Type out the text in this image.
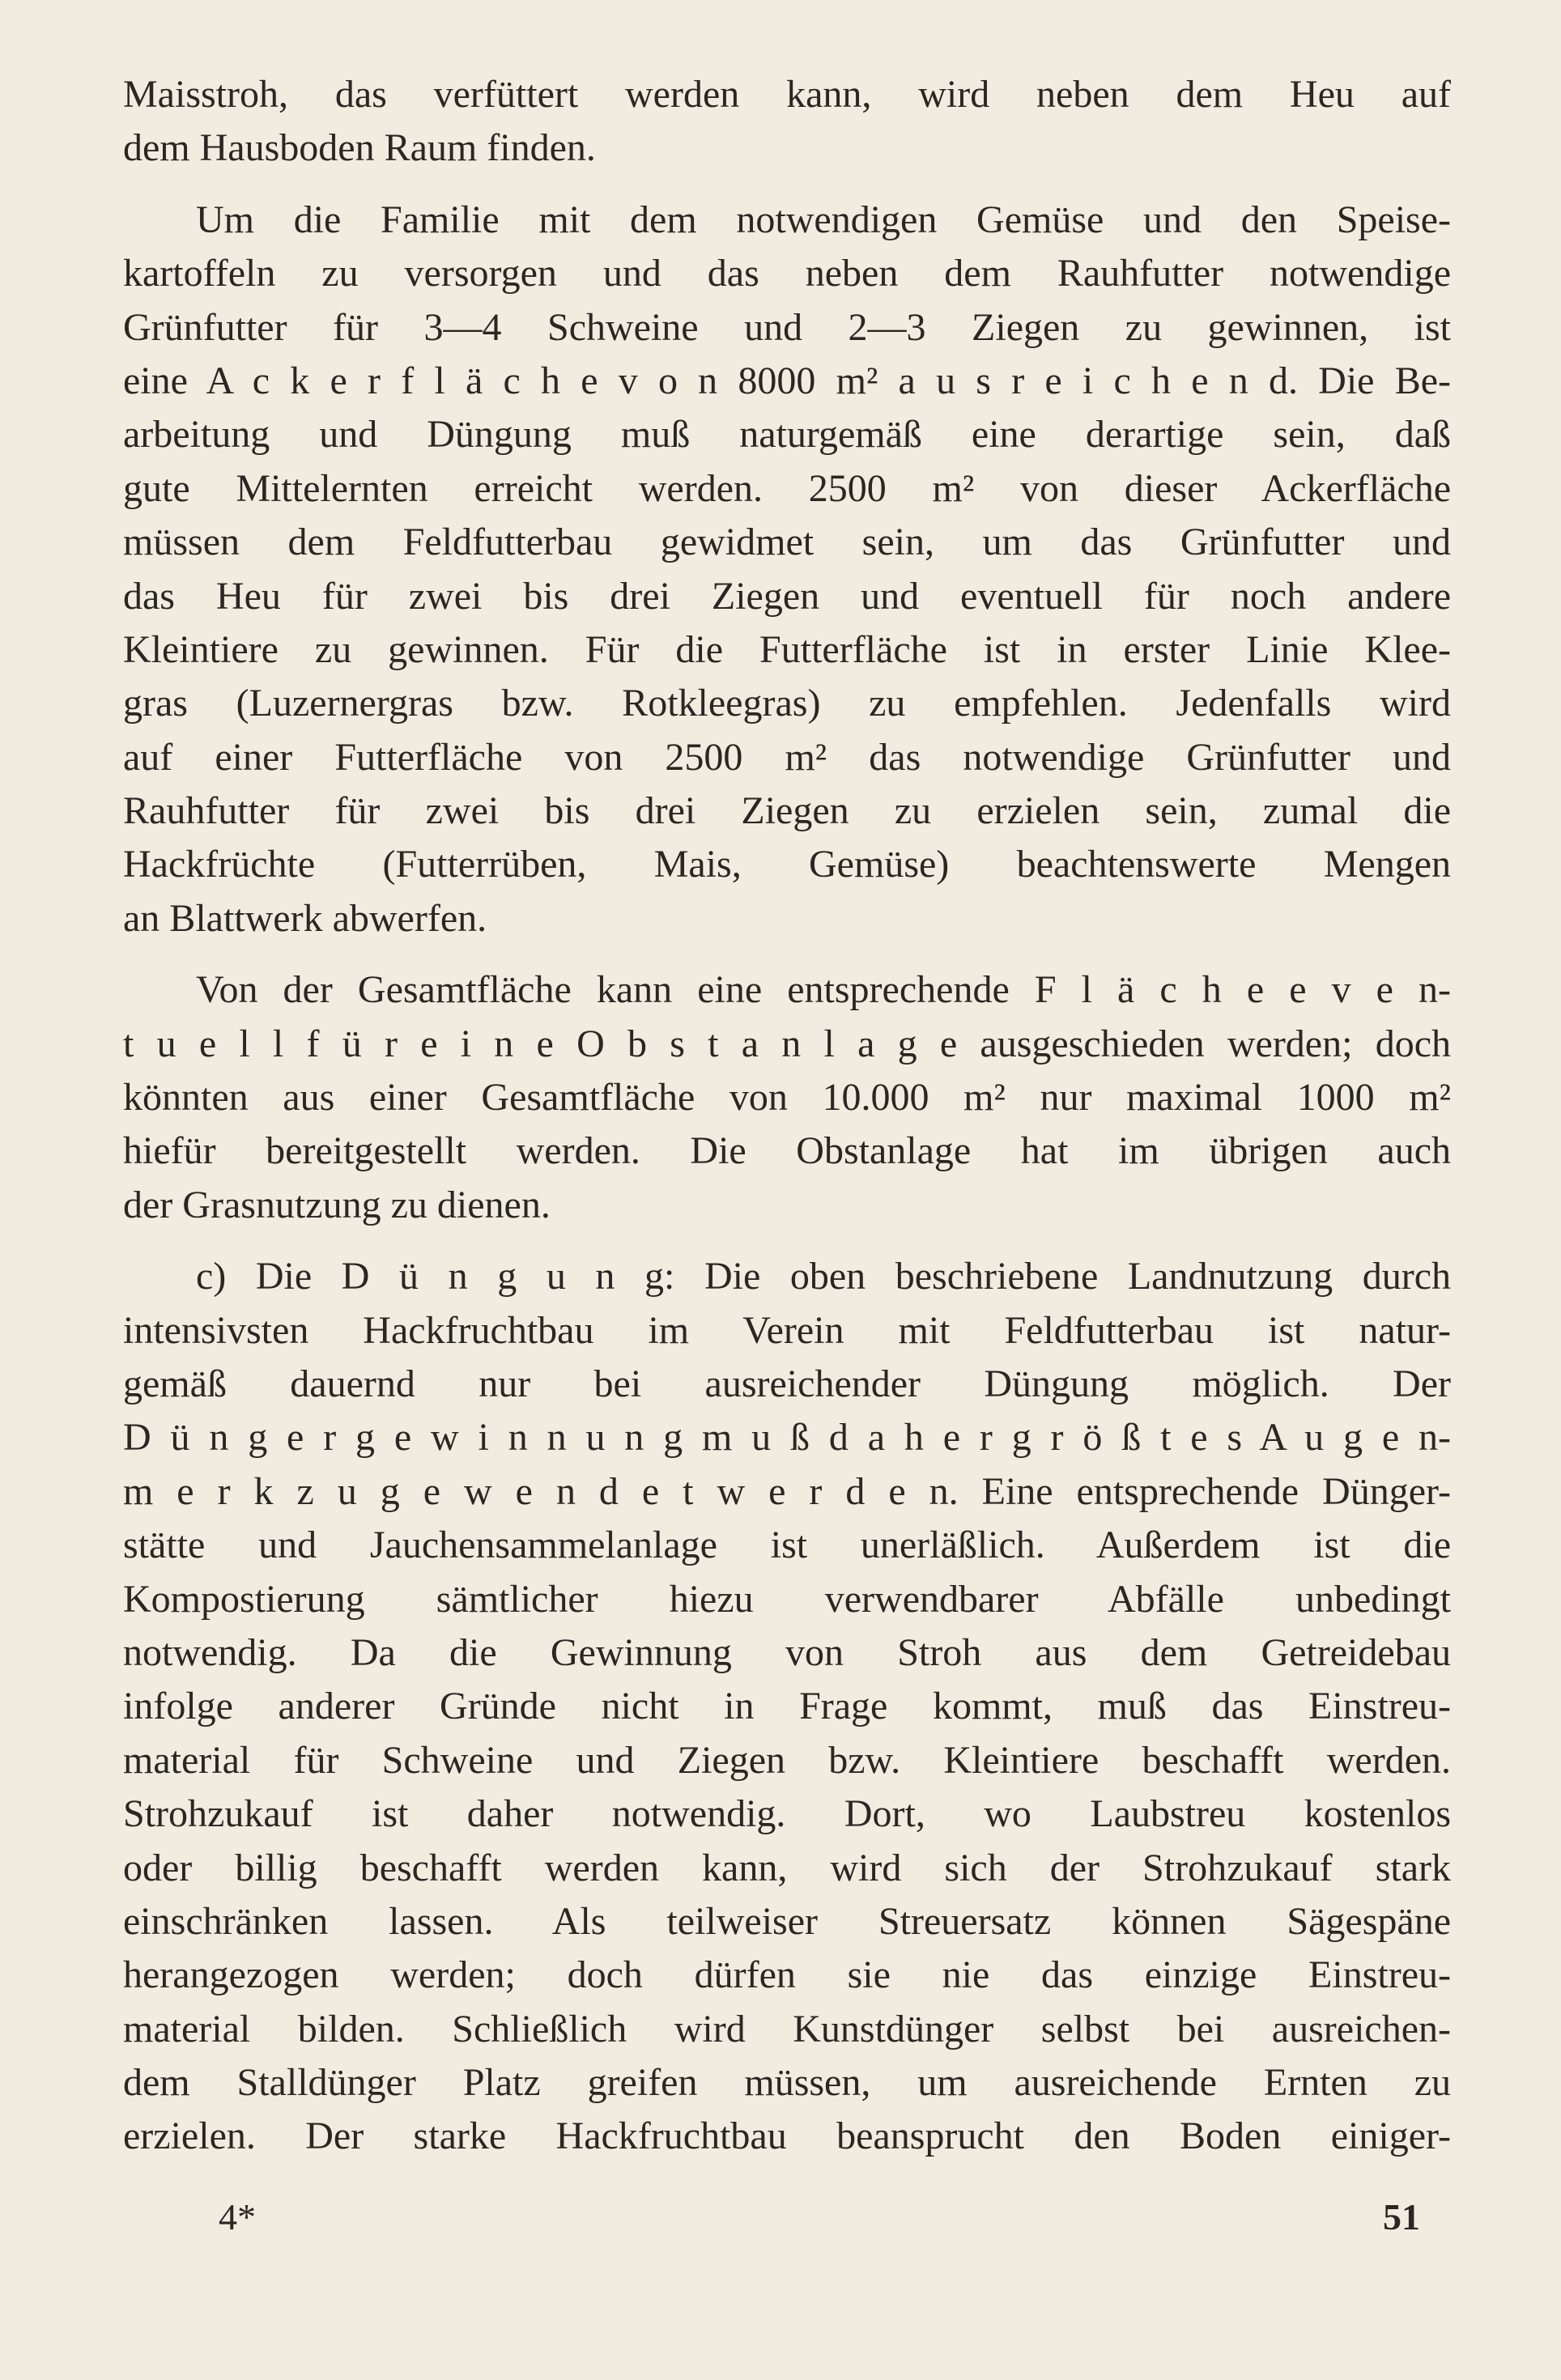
Maisstroh, das verfüttert werden kann, wird neben dem Heu auf
dem Hausboden Raum finden.
Um die Familie mit dem notwendigen Gemüse und den Speise-
kartoffeln zu versorgen und das neben dem Rauhfutter notwendige
Grünfutter für 3—4 Schweine und 2—3 Ziegen zu gewinnen, ist
eine A c k e r f l ä c h e v o n 8000 m² a u s r e i c h e n d. Die Be-
arbeitung und Düngung muß naturgemäß eine derartige sein, daß
gute Mittelernten erreicht werden. 2500 m² von dieser Ackerfläche
müssen dem Feldfutterbau gewidmet sein, um das Grünfutter und
das Heu für zwei bis drei Ziegen und eventuell für noch andere
Kleintiere zu gewinnen. Für die Futterfläche ist in erster Linie Klee-
gras (Luzernergras bzw. Rotkleegras) zu empfehlen. Jedenfalls wird
auf einer Futterfläche von 2500 m² das notwendige Grünfutter und
Rauhfutter für zwei bis drei Ziegen zu erzielen sein, zumal die
Hackfrüchte (Futterrüben, Mais, Gemüse) beachtenswerte Mengen
an Blattwerk abwerfen.
Von der Gesamtfläche kann eine entsprechende F l ä c h e e v e n-
t u e l l f ü r e i n e O b s t a n l a g e ausgeschieden werden; doch
könnten aus einer Gesamtfläche von 10.000 m² nur maximal 1000 m²
hiefür bereitgestellt werden. Die Obstanlage hat im übrigen auch
der Grasnutzung zu dienen.
c) Die D ü n g u n g: Die oben beschriebene Landnutzung durch
intensivsten Hackfruchtbau im Verein mit Feldfutterbau ist natur-
gemäß dauernd nur bei ausreichender Düngung möglich. Der
D ü n g e r g e w i n n u n g m u ß d a h e r g r ö ß t e s A u g e n-
m e r k z u g e w e n d e t w e r d e n. Eine entsprechende Dünger-
stätte und Jauchensammelanlage ist unerläßlich. Außerdem ist die
Kompostierung sämtlicher hiezu verwendbarer Abfälle unbedingt
notwendig. Da die Gewinnung von Stroh aus dem Getreidebau
infolge anderer Gründe nicht in Frage kommt, muß das Einstreu-
material für Schweine und Ziegen bzw. Kleintiere beschafft werden.
Strohzukauf ist daher notwendig. Dort, wo Laubstreu kostenlos
oder billig beschafft werden kann, wird sich der Strohzukauf stark
einschränken lassen. Als teilweiser Streuersatz können Sägespäne
herangezogen werden; doch dürfen sie nie das einzige Einstreu-
material bilden. Schließlich wird Kunstdünger selbst bei ausreichen-
dem Stalldünger Platz greifen müssen, um ausreichende Ernten zu
erzielen. Der starke Hackfruchtbau beansprucht den Boden einiger-
4*	51
